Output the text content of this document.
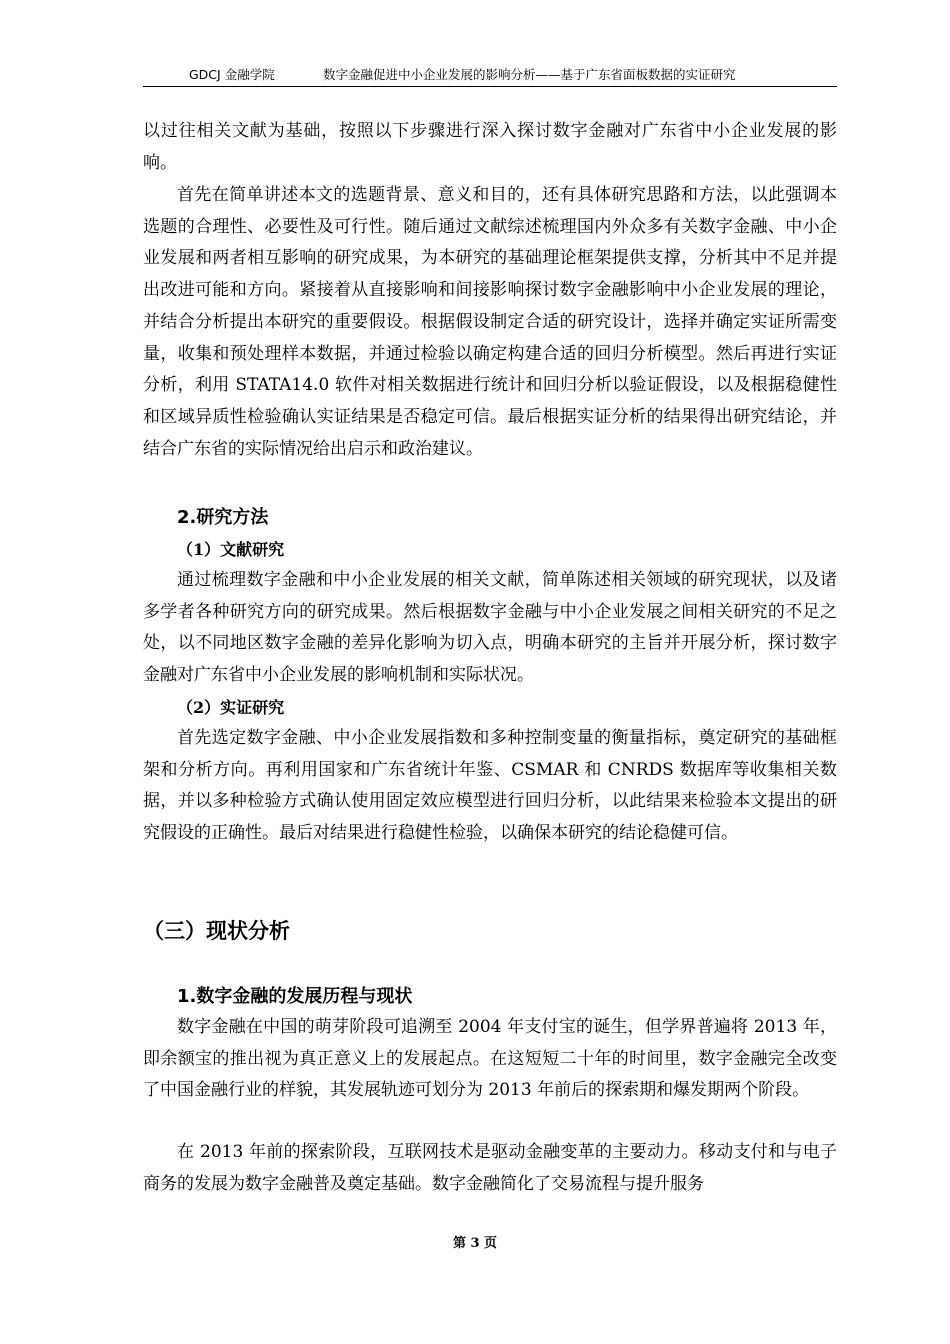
GDCJ 金融学院	数字金融促进中小企业发展的影响分析——基于广东省面板数据的实证研究

以过往相关文献为基础，按照以下步骤进行深入探讨数字金融对广东省中小企业发展的影响。

首先在简单讲述本文的选题背景、意义和目的，还有具体研究思路和方法，以此强调本选题的合理性、必要性及可行性。随后通过文献综述梳理国内外众多有关数字金融、中小企业发展和两者相互影响的研究成果，为本研究的基础理论框架提供支撑，分析其中不足并提出改进可能和方向。紧接着从直接影响和间接影响探讨数字金融影响中小企业发展的理论，并结合分析提出本研究的重要假设。根据假设制定合适的研究设计，选择并确定实证所需变量，收集和预处理样本数据，并通过检验以确定构建合适的回归分析模型。然后再进行实证分析，利用 STATA14.0 软件对相关数据进行统计和回归分析以验证假设，以及根据稳健性和区域异质性检验确认实证结果是否稳定可信。最后根据实证分析的结果得出研究结论，并结合广东省的实际情况给出启示和政治建议。

2.研究方法
（1）文献研究

通过梳理数字金融和中小企业发展的相关文献，简单陈述相关领域的研究现状，以及诸多学者各种研究方向的研究成果。然后根据数字金融与中小企业发展之间相关研究的不足之处，以不同地区数字金融的差异化影响为切入点，明确本研究的主旨并开展分析，探讨数字金融对广东省中小企业发展的影响机制和实际状况。

（2）实证研究

首先选定数字金融、中小企业发展指数和多种控制变量的衡量指标，奠定研究的基础框架和分析方向。再利用国家和广东省统计年鉴、CSMAR 和 CNRDS 数据库等收集相关数据，并以多种检验方式确认使用固定效应模型进行回归分析，以此结果来检验本文提出的研究假设的正确性。最后对结果进行稳健性检验，以确保本研究的结论稳健可信。

（三）现状分析
1.数字金融的发展历程与现状

数字金融在中国的萌芽阶段可追溯至 2004 年支付宝的诞生，但学界普遍将 2013 年，即余额宝的推出视为真正意义上的发展起点。在这短短二十年的时间里，数字金融完全改变了中国金融行业的样貌，其发展轨迹可划分为 2013 年前后的探索期和爆发期两个阶段。

在 2013 年前的探索阶段，互联网技术是驱动金融变革的主要动力。移动支付和与电子商务的发展为数字金融普及奠定基础。数字金融简化了交易流程与提升服务

第 3 页
